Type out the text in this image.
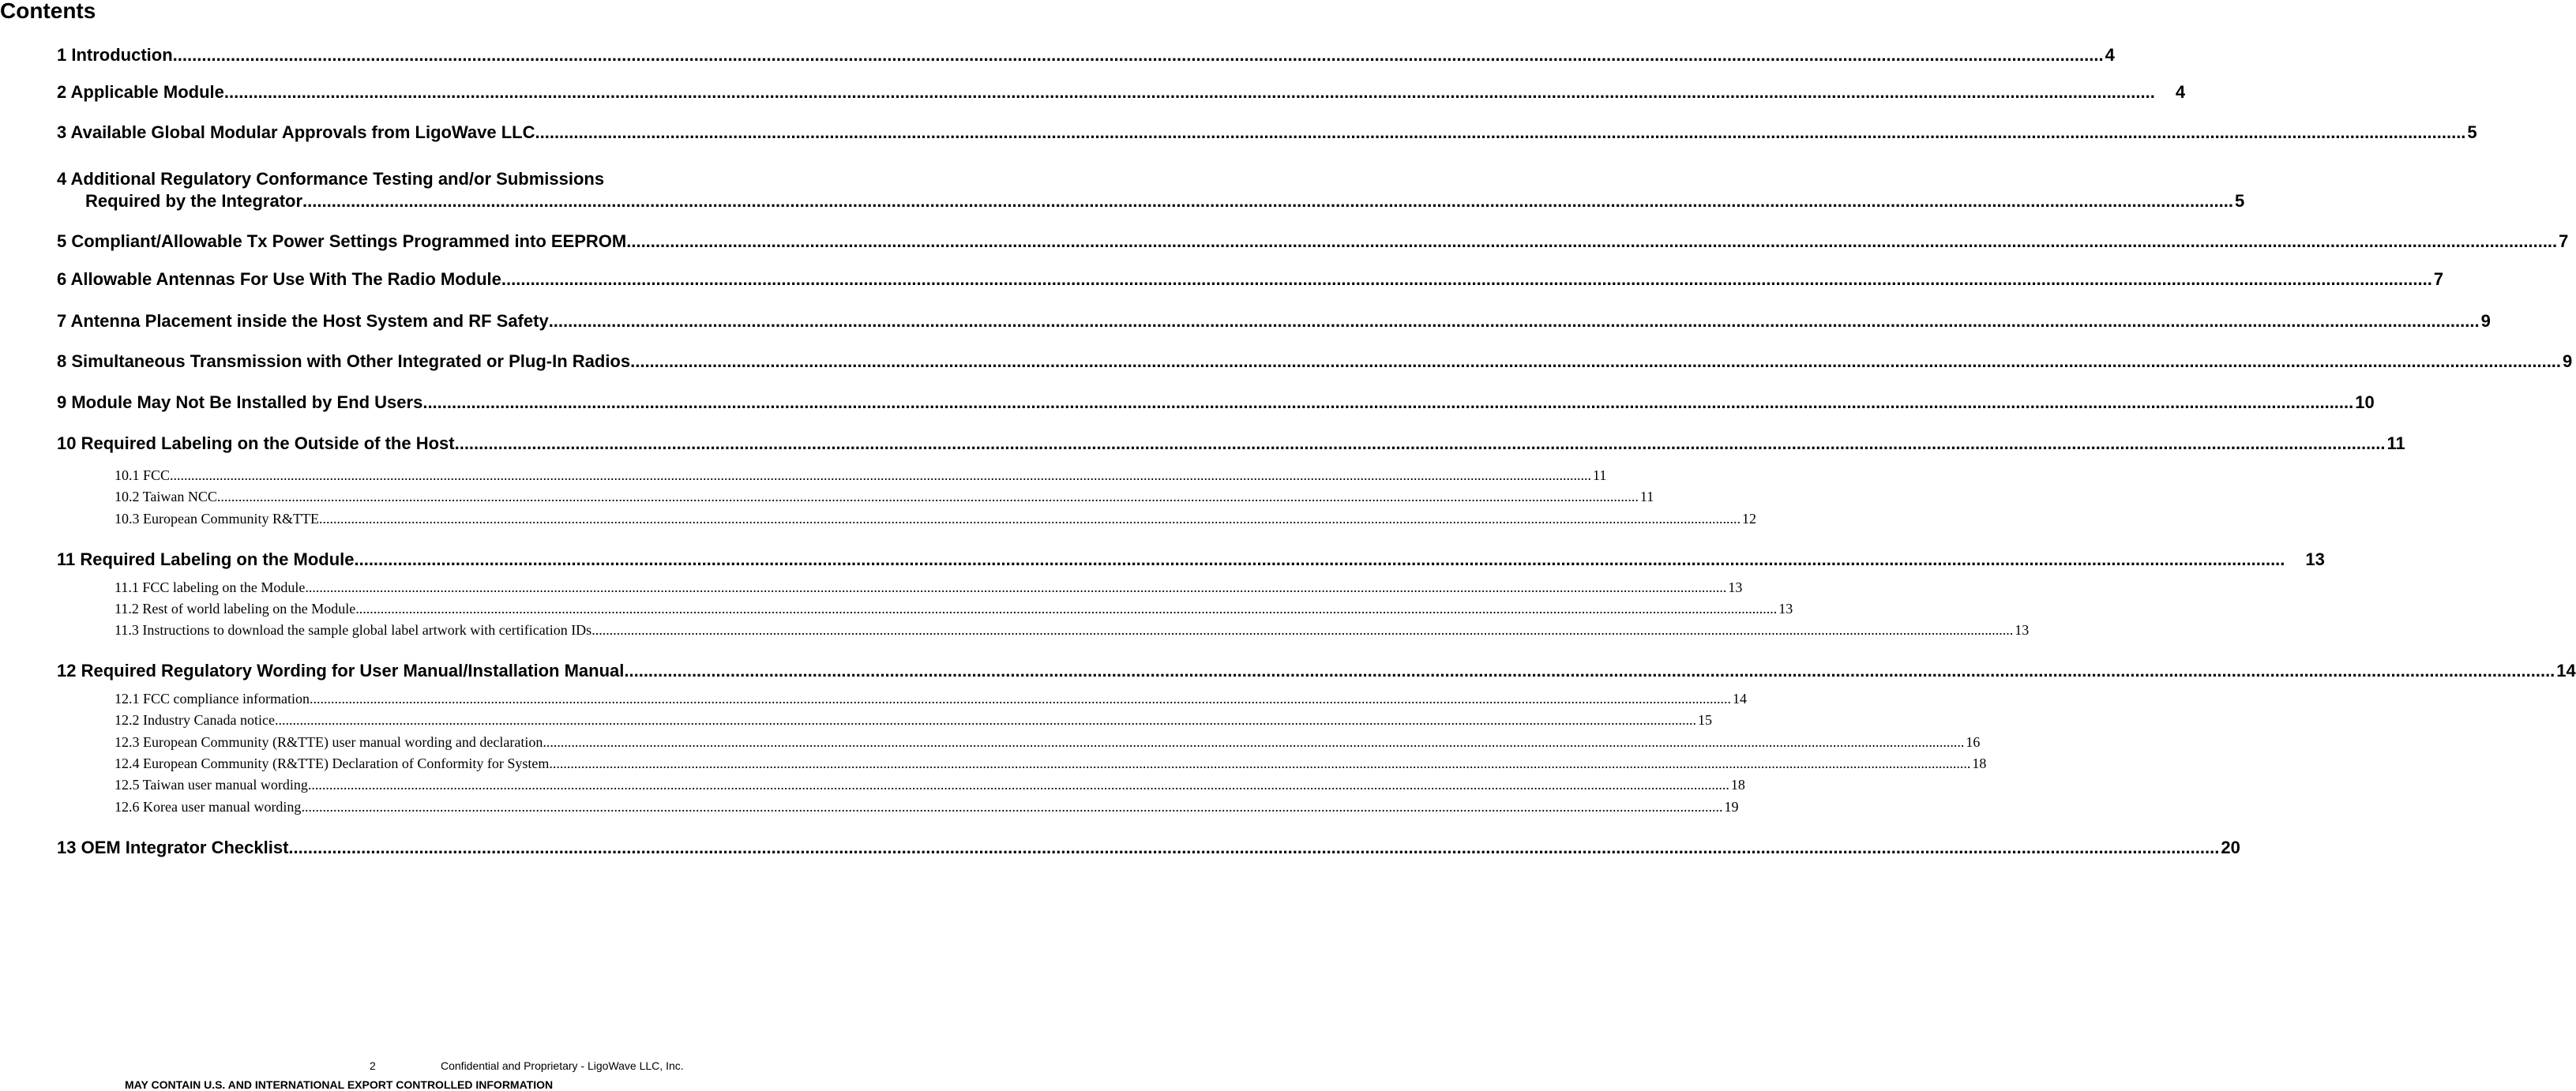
Contents
1 Introduction ................................................................................................................................................................................................................................................................................................................................................................................................................ 4
2 Applicable Module ................................................................................................................................................................................................................................................................................................................................................................................................................ 4
3 Available Global Modular Approvals from LigoWave LLC ................................................................................................................................................................................................................................................................................................................................................................................................................ 5
4 Additional Regulatory Conformance Testing and/or Submissions
Required by the Integrator ................................................................................................................................................................................................................................................................................................................................................................................................................ 5
5 Compliant/Allowable Tx Power Settings Programmed into EEPROM ................................................................................................................................................................................................................................................................................................................................................................................................................ 7
6 Allowable Antennas For Use With The Radio Module ................................................................................................................................................................................................................................................................................................................................................................................................................ 7
7 Antenna Placement inside the Host System and RF Safety ................................................................................................................................................................................................................................................................................................................................................................................................................ 9
8 Simultaneous Transmission with Other Integrated or Plug-In Radios ................................................................................................................................................................................................................................................................................................................................................................................................................ 9
9 Module May Not Be Installed by End Users ................................................................................................................................................................................................................................................................................................................................................................................................................ 10
10 Required Labeling on the Outside of the Host ................................................................................................................................................................................................................................................................................................................................................................................................................ 11
10.1 FCC ................................................................................................................................................................................................................................................................................................................................................................................................................ 11
10.2 Taiwan NCC ................................................................................................................................................................................................................................................................................................................................................................................................................ 11
10.3 European Community R&TTE ................................................................................................................................................................................................................................................................................................................................................................................................................ 12
11 Required Labeling on the Module ................................................................................................................................................................................................................................................................................................................................................................................................................ 13
11.1 FCC labeling on the Module ................................................................................................................................................................................................................................................................................................................................................................................................................ 13
11.2 Rest of world labeling on the Module ................................................................................................................................................................................................................................................................................................................................................................................................................ 13
11.3 Instructions to download the sample global label artwork with certification IDs ................................................................................................................................................................................................................................................................................................................................................................................................................ 13
12 Required Regulatory Wording for User Manual/Installation Manual ................................................................................................................................................................................................................................................................................................................................................................................................................ 14
12.1 FCC compliance information ................................................................................................................................................................................................................................................................................................................................................................................................................ 14
12.2 Industry Canada notice ................................................................................................................................................................................................................................................................................................................................................................................................................ 15
12.3 European Community (R&TTE) user manual wording and declaration ................................................................................................................................................................................................................................................................................................................................................................................................................ 16
12.4 European Community (R&TTE) Declaration of Conformity for System ................................................................................................................................................................................................................................................................................................................................................................................................................ 18
12.5 Taiwan user manual wording ................................................................................................................................................................................................................................................................................................................................................................................................................ 18
12.6 Korea user manual wording ................................................................................................................................................................................................................................................................................................................................................................................................................ 19
13 OEM Integrator Checklist ................................................................................................................................................................................................................................................................................................................................................................................................................ 20
2	Confidential and Proprietary - LigoWave LLC, Inc.
MAY CONTAIN U.S. AND INTERNATIONAL EXPORT CONTROLLED INFORMATION
